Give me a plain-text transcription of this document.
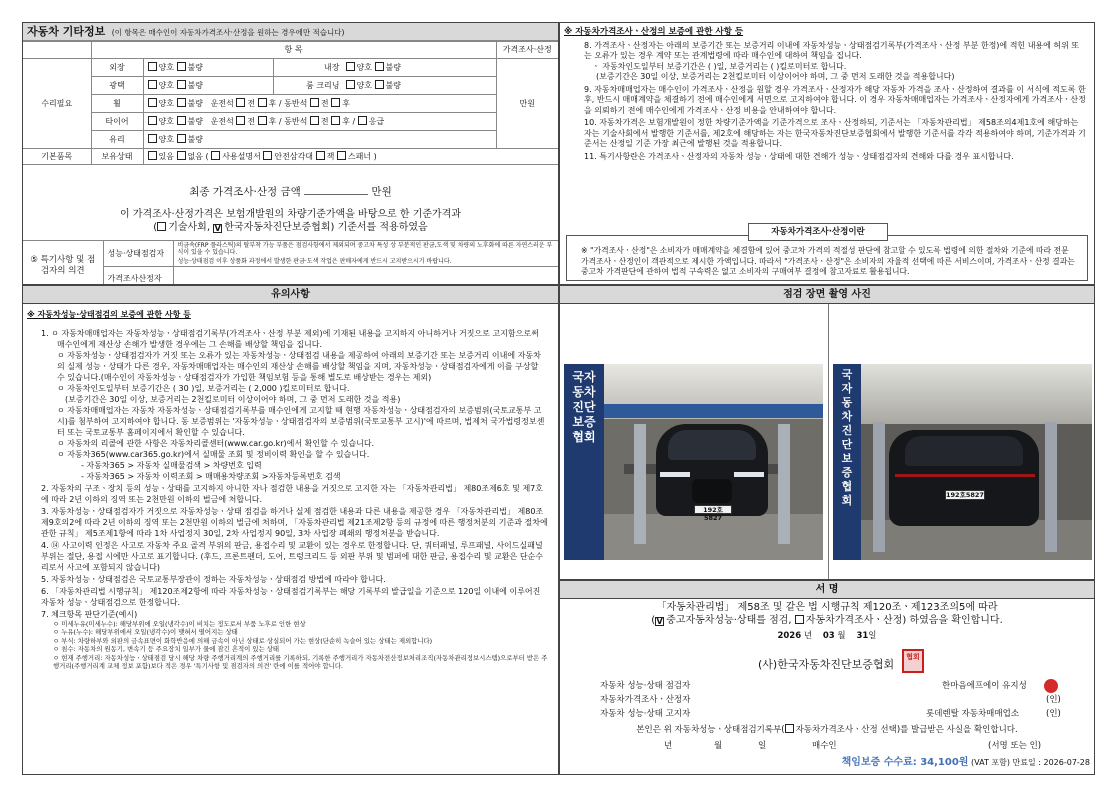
자동차 기타정보 (이 항목은 매수인이 자동차가격조사·산정을 원하는 경우에만 적습니다)
	항 목			가격조사·산정
수리필요	외장	양호 불량	내장 양호 불량	만원
	광택	양호 불량	룸 크리닝 양호 불량	
	휠	양호 불량 운전석 전 후 / 동반석 전 후		
	타이어	양호 불량 운전석 전 후 / 동반석 전 후 / 응급		
	유리	양호 불량		
기본품목	보유상태	있음 없음 ( 사용설명서 안전삼각대 잭 스패너 )		
최종 가격조사·산정 금액	만원
이 가격조사·산정가격은 보험개발원의 차량기준가액을 바탕으로 한 기준가격과
( 기술사회, V 한국자동차진단보증협회) 기준서를 적용하였음
⑤ 특기사항 및 점검자의 의견	성능·상태점검자	비금속(FRP 플라스틱)의 탈부착 가능 부품은 점검사항에서 제외되며 중고차 특성 상 부분적인 판금,도색 및 차량의 노후화에 따른 자연스러운 부식이 있을 수 있습니다.
성능·상태점검 이후 상품화 과정에서 발생한 판금·도색 작업은 판매자에게 반드시 고지받으시기 바랍니다.

	가격조사산정자	
※ 자동차가격조사ㆍ산정의 보증에 관한 사항 등

8. 가격조사ㆍ산정자는 아래의 보증기간 또는 보증거리 이내에 자동차성능ㆍ상태점검기록부(가격조사ㆍ산정 부분 한정)에 적힌 내용에 허위 또는 오류가 있는 경우 계약 또는 관계법령에 따라 매수인에 대하여 책임을 집니다.

ㆍ 자동차인도일부터 보증기간은 ( )일, 보증거리는 ( )킬로미터로 합니다.

(보증기간은 30일 이상, 보증거리는 2천킬로미터 이상이어야 하며, 그 중 먼저 도래한 것을 적용합니다)

9. 자동차매매업자는 매수인이 가격조사ㆍ산정을 원할 경우 가격조사ㆍ산정자가 해당 자동차 가격을 조사ㆍ산정하여 결과를 이 서식에 적도록 한 후, 반드시 매매계약을 체결하기 전에 매수인에게 서면으로 고지하여야 합니다. 이 경우 자동차매매업자는 가격조사ㆍ산정자에게 가격조사ㆍ산정을 의뢰하기 전에 매수인에게 가격조사ㆍ산정 비용을 안내하여야 합니다.

10. 자동차가격은 보험개발원이 정한 차량기준가액을 기준가격으로 조사ㆍ산정하되, 기준서는 「자동차관리법」 제58조의4제1호에 해당하는 자는 기술사회에서 발행한 기준서를, 제2호에 해당하는 자는 한국자동차진단보증협회에서 발행한 기준서를 각각 적용하여야 하며, 기준가격과 기준서는 산정일 기준 가장 최근에 발행된 것을 적용합니다.

11. 특기사항란은 가격조사ㆍ산정자의 자동차 성능ㆍ상태에 대한 견해가 성능ㆍ상태점검자의 견해와 다를 경우 표시합니다.

※ "가격조사ㆍ산정"은 소비자가 매매계약을 체결함에 있어 중고차 가격의 적절성 판단에 참고할 수 있도록 법령에 의한 절차와 기준에 따라 전문 가격조사ㆍ산정인이 객관적으로 제시한 가액입니다. 따라서 "가격조사ㆍ산정"은 소비자의 자율적 선택에 따른 서비스이며, 가격조사ㆍ산정 결과는 중고차 가격판단에 관하여 법적 구속력은 없고 소비자의 구매여부 결정에 참고자료로 활용됩니다.
자동차가격조사·산정이란
유의사항
※ 자동차성능·상태점검의 보증에 관한 사항 등

1. ㅇ 자동차매매업자는 자동차성능ㆍ상태점검기록부(가격조사ㆍ산정 부분 제외)에 기재된 내용을 고지하지 아니하거나 거짓으로 고지함으로써 매수인에게 재산상 손해가 발생한 경우에는 그 손해를 배상할 책임을 집니다.

ㅇ 자동차성능ㆍ상태점검자가 거짓 또는 오류가 있는 자동차성능ㆍ상태점검 내용을 제공하여 아래의 보증기간 또는 보증거리 이내에 자동차의 실제 성능ㆍ상태가 다른 경우, 자동차매매업자는 매수인의 재산상 손해를 배상할 책임을 지며, 자동차성능ㆍ상태점검자에게 이를 구상할 수 있습니다.(매수인이 자동차성능ㆍ상태점검자가 가입한 책임보험 등을 통해 별도로 배상받는 경우는 제외)

ㅇ 자동차인도일부터 보증기간은 ( 30 )일, 보증거리는 ( 2,000 )킬로미터로 합니다.

(보증기간은 30일 이상, 보증거리는 2천킬로미터 이상이어야 하며, 그 중 먼저 도래한 것을 적용)

ㅇ 자동차매매업자는 자동차 자동차성능ㆍ상태점검기록부를 매수인에게 고지할 때 현행 자동차성능ㆍ상태점검자의 보증범위(국토교통부 고시)를 첨부하여 고지하여야 합니다. 동 보증범위는 '자동차성능ㆍ상태점검자의 보증범위(국토교통부 고시)'에 따르며, 법제처 국가법령정보센터 또는 국토교통부 홈페이지에서 확인할 수 있습니다.

ㅇ 자동차의 리콜에 관한 사항은 자동차리콜센터(www.car.go.kr)에서 확인할 수 있습니다.

ㅇ 자동차365(www.car365.go.kr)에서 실매물 조회 및 정비이력 확인을 할 수 있습니다.

- 자동차365 > 자동차 실매물검색 > 차량번호 입력

- 자동차365 > 자동차 이력조회 > 매매용차량조회 >자동차등록번호 검색

2. 자동차의 구조ㆍ장치 등의 성능ㆍ상태를 고지하지 아니한 자나 점검한 내용을 거짓으로 고지한 자는 「자동차관리법」 제80조제6호 및 제7호에 따라 2년 이하의 징역 또는 2천만원 이하의 벌금에 처합니다.

3. 자동차성능ㆍ상태점검자가 거짓으로 자동차성능ㆍ상태 점검을 하거나 실제 점검한 내용과 다른 내용을 제공한 경우 「자동차관리법」 제80조제9호의2에 따라 2년 이하의 징역 또는 2천만원 이하의 벌금에 처하며, 「자동차관리법 제21조제2항 등의 규정에 따른 행정처분의 기준과 절차에 관한 규칙」 제5조제1항에 따라 1차 사업정지 30일, 2차 사업정지 90일, 3차 사업장 폐쇄의 행정처분을 받습니다.

4. ⑭ 사고이력 인정은 사고로 자동차 주요 골격 부위의 판금, 용접수리 및 교환이 있는 경우로 한정합니다. 단, 쿼터패널, 루프패널, 사이드실패널 부위는 절단, 용접 시에만 사고로 표기합니다. (후드, 프론트펜더, 도어, 트렁크리드 등 외판 부위 및 범퍼에 대한 판금, 용접수리 및 교환은 단순수리로서 사고에 포함되지 않습니다)

5. 자동차성능ㆍ상태점검은 국토교통부장관이 정하는 자동차성능ㆍ상태점검 방법에 따라야 합니다.

6. 「자동차관리법 시행규칙」 제120조제2항에 따라 자동차성능ㆍ상태점검기록부는 해당 기록부의 발급일을 기준으로 120일 이내에 이루어진 자동차 성능ㆍ상태점검으로 한정합니다.

7. 체크항목 판단기준(예시)

ㅇ 미세누유(미세누수): 해당부위에 오일(냉각수)이 비치는 정도로서 부품 노후로 인한 현상

ㅇ 누유(누수): 해당부위에서 오일(냉각수)이 맺혀서 떨어지는 상태

ㅇ 부식: 차량하부와 외판의 금속표면이 화학반응에 의해 금속이 아닌 상태로 상실되어 가는 현상(단순히 녹슬어 있는 상태는 제외합니다)

ㅇ 침수: 자동차의 원동기, 변속기 등 주요장치 일부가 물에 잠긴 흔적이 있는 상태

ㅇ 현재 주행거리: 자동차성능ㆍ상태점검 당시 해당 차량 주행거리계의 주행거리를 기록하되, 기록한 주행거리가 자동차전산정보처리조직(자동차관리정보시스템)으로부터 받은 주행거리(주행거리계 교체 정보 포함)보다 적은 경우 '특기사항 및 점검자의 의견' 란에 이를 적어야 합니다.

점검 장면 촬영 사진
국자동차진단보증협회
192호5827
국자동차진단보증협회	192호5827
서 명
「자동차관리법」 제58조 및 같은 법 시행규칙 제120조ㆍ제123조의5에 따라
( V 중고자동차성능·상태를 점검, 자동차가격조사ㆍ산정) 하였음을 확인합니다.
2026 년 03 월 31일
(사)한국자동차진단보증협회
협회
자동차 성능·상태 점검자	한마음에프에이 유지성
자동차가격조사ㆍ산정자	(인)
자동차 성능·상태 고지자	롯데렌탈 자동차매매업소	(인)
본인은 위 자동차성능ㆍ상태점검기록부( 자동차가격조사ㆍ산정 선택)를 발급받은 사실을 확인합니다.
년	월	일	매수인	(서명 또는 인)
책임보증 수수료: 34,100원 (VAT 포함) 만료일 : 2026-07-28
